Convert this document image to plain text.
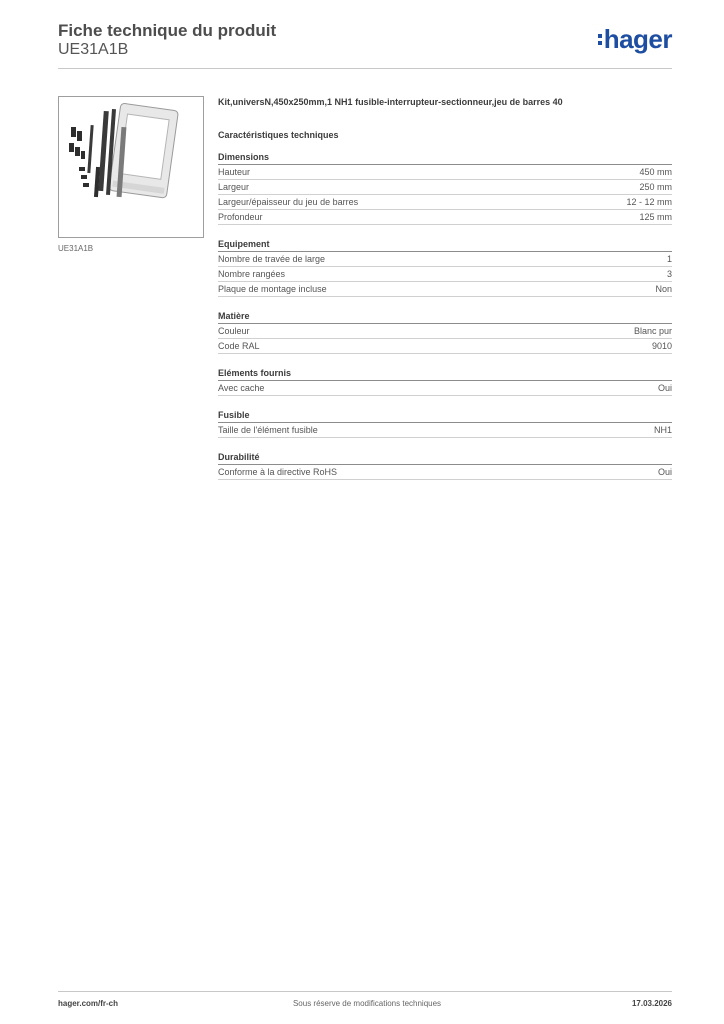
Fiche technique du produit
UE31A1B	hager
UE31A1B
Kit,universN,450x250mm,1 NH1 fusible-interrupteur-sectionneur,jeu de barres 40
Caractéristiques techniques
Dimensions
Hauteur	450 mm
Largeur	250 mm
Largeur/épaisseur du jeu de barres	12 - 12 mm
Profondeur	125 mm
Equipement
Nombre de travée de large	1
Nombre rangées	3
Plaque de montage incluse	Non
Matière
Couleur	Blanc pur
Code RAL	9010
Eléments fournis
Avec cache	Oui
Fusible
Taille de l'élément fusible	NH1
Durabilité
Conforme à la directive RoHS	Oui
hager.com/fr-ch	Sous réserve de modifications techniques	17.03.2026
